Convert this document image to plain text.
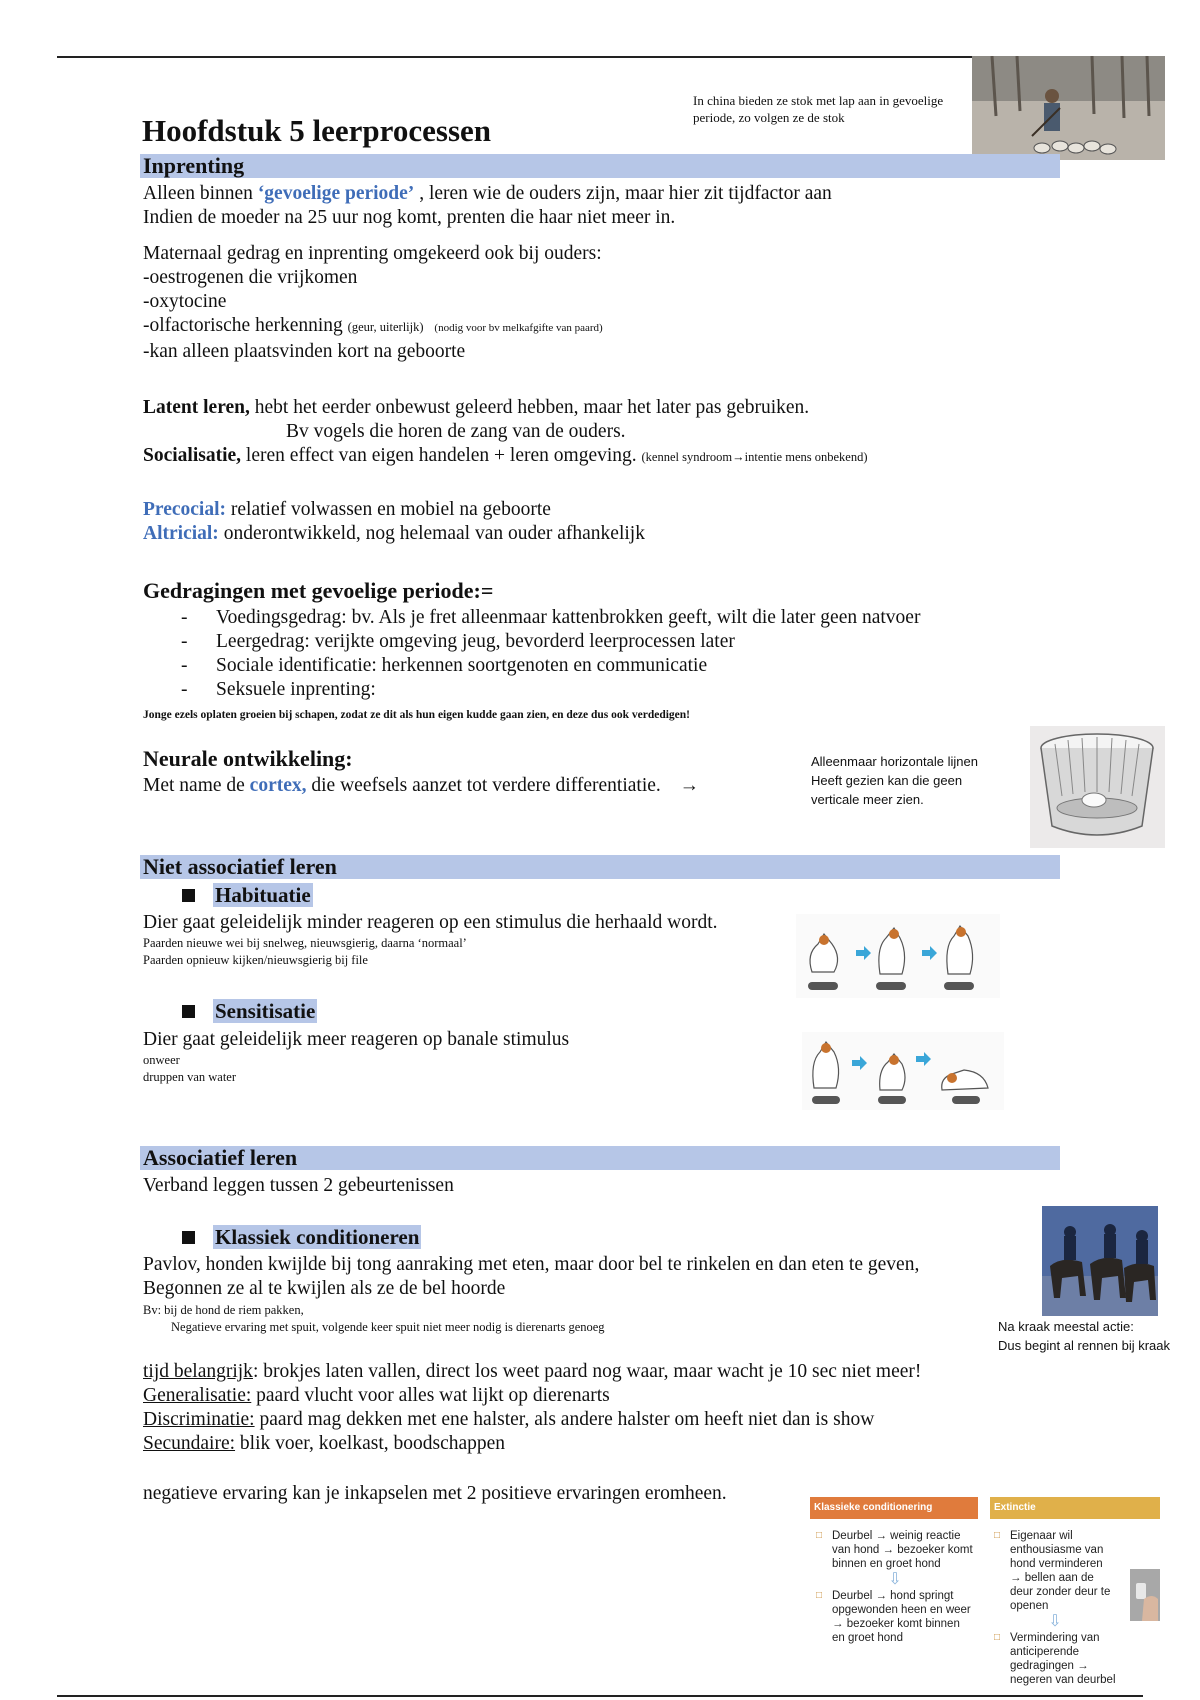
Hoofdstuk 5 leerprocessen
In china bieden ze stok met lap aan in gevoelige periode, zo volgen ze de stok
Inprenting
Alleen binnen ‘gevoelige periode’ , leren wie de ouders zijn, maar hier zit tijdfactor aan
Indien de moeder na 25 uur nog komt, prenten die haar niet meer in.
Maternaal gedrag en inprenting omgekeerd ook bij ouders:
-oestrogenen die vrijkomen
-oxytocine
-olfactorische herkenning (geur, uiterlijk) (nodig voor bv melkafgifte van paard)
-kan alleen plaatsvinden kort na geboorte
Latent leren, hebt het eerder onbewust geleerd hebben, maar het later pas gebruiken.
Bv vogels die horen de zang van de ouders.
Socialisatie, leren effect van eigen handelen + leren omgeving. (kennel syndroom→intentie mens onbekend)
Precocial: relatief volwassen en mobiel na geboorte
Altricial: onderontwikkeld, nog helemaal van ouder afhankelijk
Gedragingen met gevoelige periode:=
- Voedingsgedrag: bv. Als je fret alleenmaar kattenbrokken geeft, wilt die later geen natvoer
- Leergedrag: verijkte omgeving jeug, bevorderd leerprocessen later
- Sociale identificatie: herkennen soortgenoten en communicatie
- Seksuele inprenting:
Jonge ezels oplaten groeien bij schapen, zodat ze dit als hun eigen kudde gaan zien, en deze dus ook verdedigen!
Neurale ontwikkeling:
Met name de cortex, die weefsels aanzet tot verdere differentiatie. →
Alleenmaar horizontale lijnen
Heeft gezien kan die geen
verticale meer zien.
Niet associatief leren
Habituatie
Dier gaat geleidelijk minder reageren op een stimulus die herhaald wordt.
Paarden nieuwe wei bij snelweg, nieuwsgierig, daarna ‘normaal’
Paarden opnieuw kijken/nieuwsgierig bij file
Sensitisatie
Dier gaat geleidelijk meer reageren op banale stimulus
onweer
druppen van water
Associatief leren
Verband leggen tussen 2 gebeurtenissen
Klassiek conditioneren
Pavlov, honden kwijlde bij tong aanraking met eten, maar door bel te rinkelen en dan eten te geven,
Begonnen ze al te kwijlen als ze de bel hoorde
Bv: bij de hond de riem pakken,
Negatieve ervaring met spuit, volgende keer spuit niet meer nodig is dierenarts genoeg	Na kraak meestal actie:
Dus begint al rennen bij kraak
tijd belangrijk: brokjes laten vallen, direct los weet paard nog waar, maar wacht je 10 sec niet meer!
Generalisatie: paard vlucht voor alles wat lijkt op dierenarts
Discriminatie: paard mag dekken met ene halster, als andere halster om heeft niet dan is show
Secundaire: blik voer, koelkast, boodschappen
negatieve ervaring kan je inkapselen met 2 positieve ervaringen eromheen.
Klassieke conditionering
□ Deurbel → weinig reactie van hond → bezoeker komt binnen en groet hond
⇩
□ Deurbel → hond springt opgewonden heen en weer → bezoeker komt binnen en groet hond
Extinctie
□ Eigenaar wil enthousiasme van hond verminderen → bellen aan de deur zonder deur te openen
⇩
□ Vermindering van anticiperende gedragingen → negeren van deurbel
